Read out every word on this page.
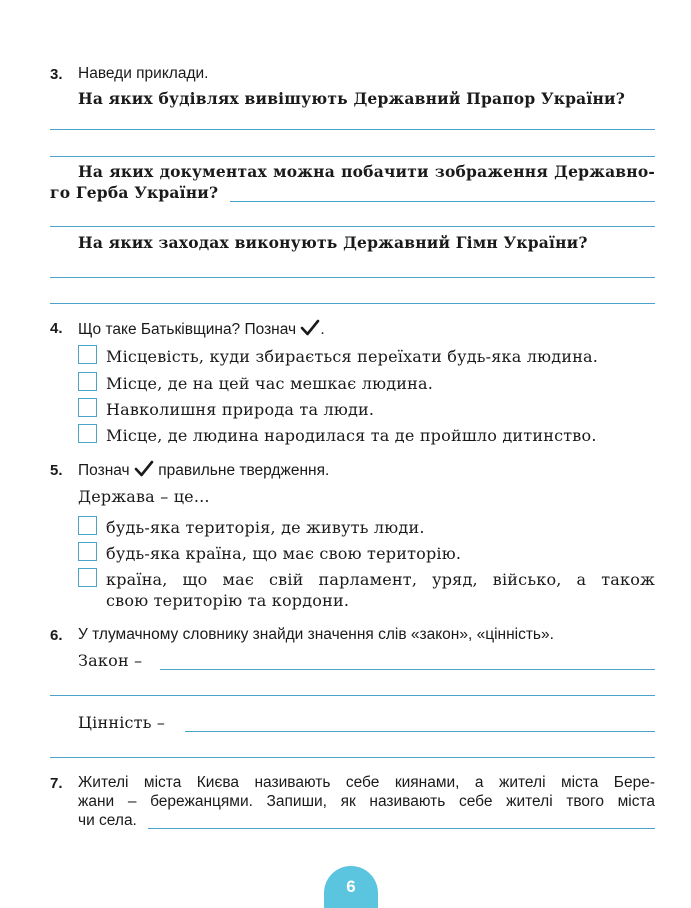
3. Наведи приклади.
На яких будівлях вивішують Державний Прапор України?
На яких документах можна побачити зображення Державно-
го Герба України?
На яких заходах виконують Державний Гімн України?
4. Що таке Батьківщина? Познач .
Місцевість, куди збирається переїхати будь-яка людина.
Місце, де на цей час мешкає людина.
Навколишня природа та люди.
Місце, де людина народилася та де пройшло дитинство.
5. Познач правильне твердження.
Держава – це...
будь-яка територія, де живуть люди.
будь-яка країна, що має свою територію.
країна, що має свій парламент, уряд, військо, а також
свою територію та кордони.
6. У тлумачному словнику знайди значення слів «закон», «цінність».
Закон –
Цінність –
7. Жителі міста Києва називають себе киянами, а жителі міста Бере-
жани – бережанцями. Запиши, як називають себе жителі твого міста
чи села.
6
